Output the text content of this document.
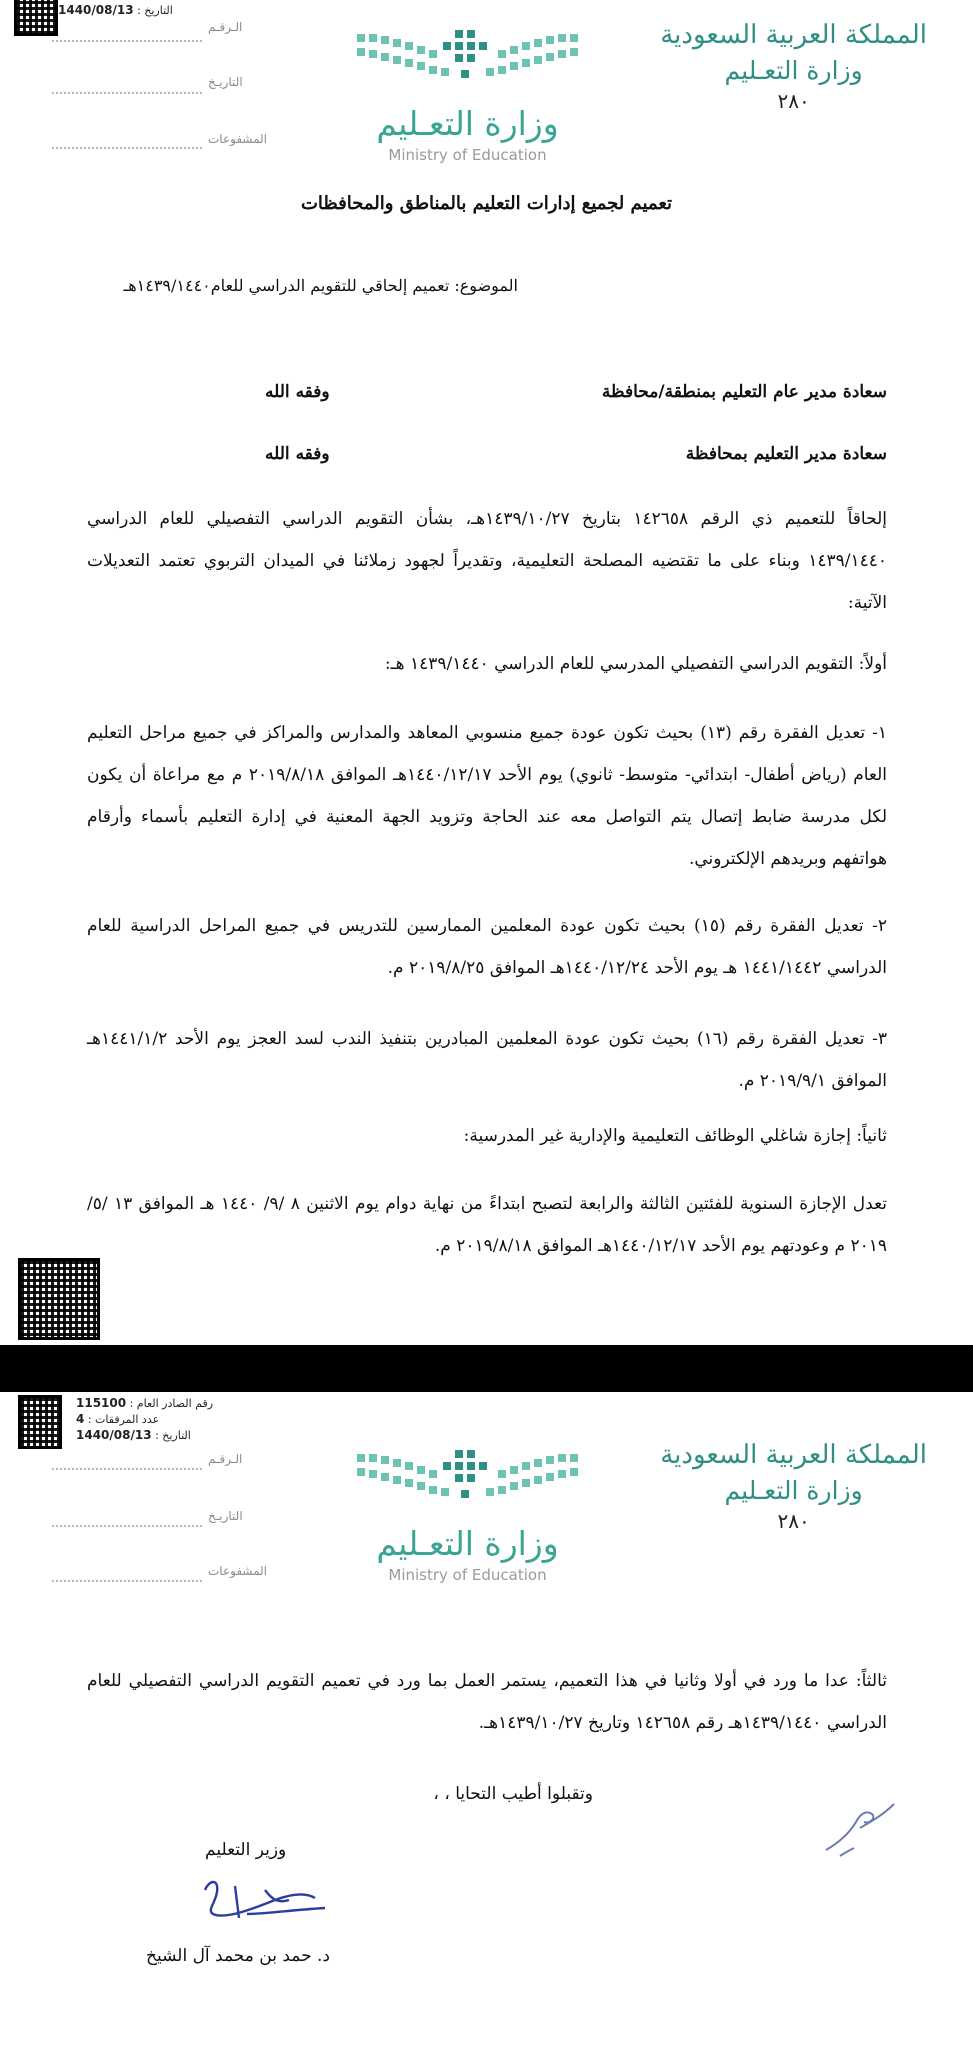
التاريخ : 1440/08/13
الـرقـم
التاريـخ
المشفوعات	وزارة التعـليم
Ministry of Education
المملكة العربية السعودية
وزارة التعـليم
٢٨٠
تعميم لجميع إدارات التعليم بالمناطق والمحافظات
الموضوع: تعميم إلحاقي للتقويم الدراسي للعام١٤٣٩/١٤٤٠هـ
سعادة مدير عام التعليم بمنطقة/محافظة
وفقه الله
سعادة مدير التعليم بمحافظة
وفقه الله
إلحاقاً للتعميم ذي الرقم ١٤٢٦٥٨ بتاريخ ١٤٣٩/١٠/٢٧هـ، بشأن التقويم الدراسي التفصيلي للعام الدراسي ١٤٣٩/١٤٤٠ وبناء على ما تقتضيه المصلحة التعليمية، وتقديراً لجهود زملائنا في الميدان التربوي تعتمد التعديلات الآتية:
أولاً: التقويم الدراسي التفصيلي المدرسي للعام الدراسي ١٤٣٩/١٤٤٠ هـ:
١- تعديل الفقرة رقم (١٣) بحيث تكون عودة جميع منسوبي المعاهد والمدارس والمراكز في جميع مراحل التعليم العام (رياض أطفال- ابتدائي- متوسط- ثانوي) يوم الأحد ١٤٤٠/١٢/١٧هـ الموافق ٢٠١٩/٨/١٨ م مع مراعاة أن يكون لكل مدرسة ضابط إتصال يتم التواصل معه عند الحاجة وتزويد الجهة المعنية في إدارة التعليم بأسماء وأرقام هواتفهم وبريدهم الإلكتروني.
٢- تعديل الفقرة رقم (١٥) بحيث تكون عودة المعلمين الممارسين للتدريس في جميع المراحل الدراسية للعام الدراسي ١٤٤١/١٤٤٢ هـ يوم الأحد ١٤٤٠/١٢/٢٤هـ الموافق ٢٠١٩/٨/٢٥ م.
٣- تعديل الفقرة رقم (١٦) بحيث تكون عودة المعلمين المبادرين بتنفيذ الندب لسد العجز يوم الأحد ١٤٤١/١/٢هـ الموافق ٢٠١٩/٩/١ م.
ثانياً: إجازة شاغلي الوظائف التعليمية والإدارية غير المدرسية:
تعدل الإجازة السنوية للفئتين الثالثة والرابعة لتصبح ابتداءً من نهاية دوام يوم الاثنين ٨ /٩/ ١٤٤٠ هـ الموافق ١٣ /٥/ ٢٠١٩ م وعودتهم يوم الأحد ١٤٤٠/١٢/١٧هـ الموافق ٢٠١٩/٨/١٨ م.
رقم الصادر العام : 115100
عدد المرفقات : 4
التاريخ : 1440/08/13
الـرقـم
التاريـخ
المشفوعات
وزارة التعـليم
Ministry of Education
المملكة العربية السعودية
وزارة التعـليم
٢٨٠
ثالثاً: عدا ما ورد في أولا وثانيا في هذا التعميم، يستمر العمل بما ورد في تعميم التقويم الدراسي التفصيلي للعام الدراسي ١٤٣٩/١٤٤٠هـ رقم ١٤٢٦٥٨ وتاريخ ١٤٣٩/١٠/٢٧هـ.
وتقبلوا أطيب التحايا ، ،
وزير التعليم
د. حمد بن محمد آل الشيخ
